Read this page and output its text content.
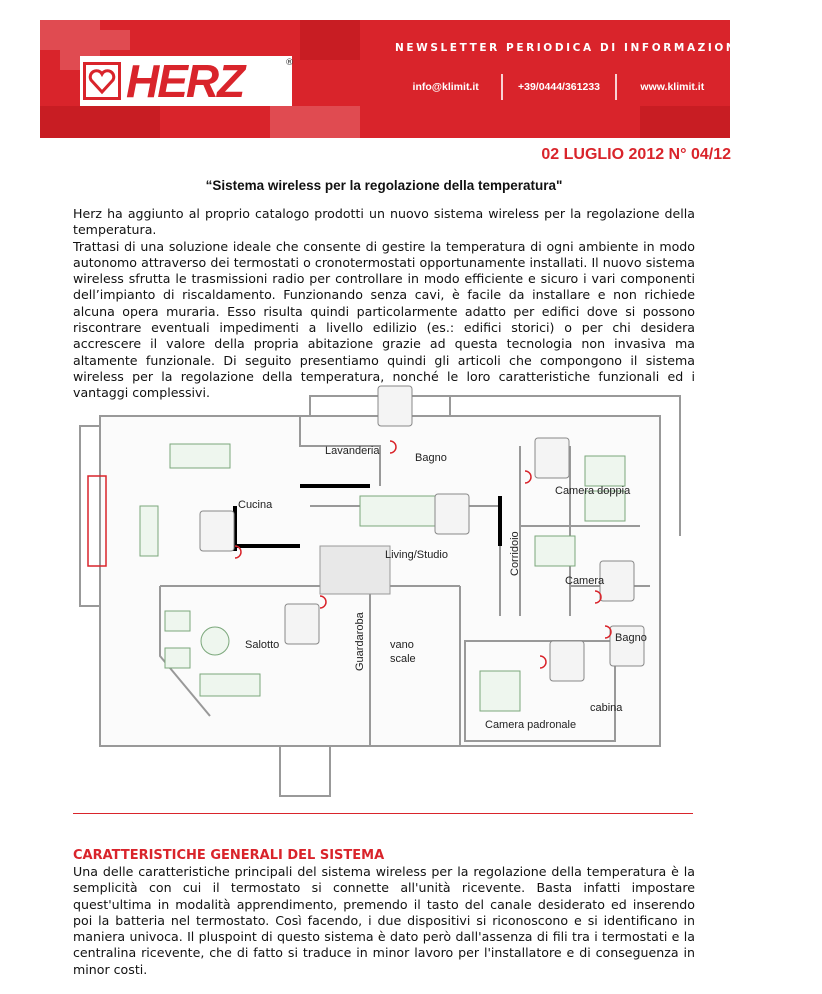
NEWSLETTER PERIODICA DI INFORMAZIONE TECNICA
HERZ	®
info@klimit.it	+39/0444/361233	www.klimit.it
02 LUGLIO 2012 N° 04/12
“Sistema wireless per la regolazione della temperatura"

Herz ha aggiunto al proprio catalogo prodotti un nuovo sistema wireless per la regolazione della temperatura.

Trattasi di una soluzione ideale che consente di gestire la temperatura di ogni ambiente in modo autonomo attraverso dei termostati o cronotermostati opportunamente installati. Il nuovo sistema wireless sfrutta le trasmissioni radio per controllare in modo efficiente e sicuro i vari componenti dell’impianto di riscaldamento. Funzionando senza cavi, è facile da installare e non richiede alcuna opera muraria. Esso risulta quindi particolarmente adatto per edifici dove si possono riscontrare eventuali impedimenti a livello edilizio (es.: edifici storici) o per chi desidera accrescere il valore della propria abitazione grazie ad questa tecnologia non invasiva ma altamente funzionale. Di seguito presentiamo quindi gli articoli che compongono il sistema wireless per la regolazione della temperatura, nonché le loro caratteristiche funzionali ed i vantaggi complessivi.

Lavanderia
Bagno
Camera doppia
Cucina
Living/Studio	Corridoio
Camera
Bagno
Salotto	Guardaroba vano
scale
cabina
Camera padronale
CARATTERISTICHE GENERALI DEL SISTEMA

Una delle caratteristiche principali del sistema wireless per la regolazione della temperatura è la semplicità con cui il termostato si connette all'unità ricevente. Basta infatti impostare quest'ultima in modalità apprendimento, premendo il tasto del canale desiderato ed inserendo poi la batteria nel termostato. Così facendo, i due dispositivi si riconoscono e si identificano in maniera univoca. Il pluspoint di questo sistema è dato però dall'assenza di fili tra i termostati e la centralina ricevente, che di fatto si traduce in minor lavoro per l'installatore e di conseguenza in minor costi.
